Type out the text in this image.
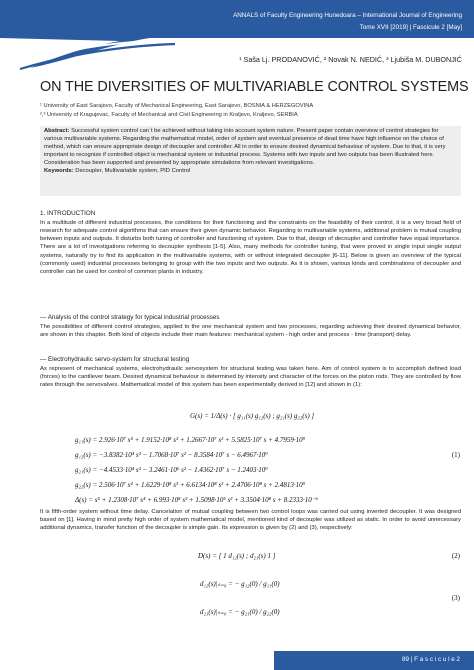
ANNALS of Faculty Engineering Hunedoara – International Journal of Engineering
Tome XVII [2019] | Fascicule 2 [May]
¹ Saša Lj. PRODANOVIĆ, ² Novak N. NEDIĆ, ³ Ljubiša M. DUBONJIĆ
ON THE DIVERSITIES OF MULTIVARIABLE CONTROL SYSTEMS
¹ University of East Sarajevo, Faculty of Mechanical Engineering, East Sarajevo, BOSNIA & HERZEGOVINA
²,³ University of Kragujevac, Faculty of Mechanical and Civil Engineering in Kraljevo, Kraljevo, SERBIA
Abstract: Successful system control can´t be achieved without taking into account system nature. Present paper contain overview of control strategies for various multivariable systems. Regarding the mathematical model, order of system and eventual presence of dead time have high influence on the choice of method, which can ensure appropriate design of decoupler and controller. All in order to ensure desired dynamical behaviour of system. Due to that, it is very important to recognize if controlled object is mechanical system or industrial process. Systems with two inputs and two outputs has been illustrated here. Consideration has been supported and presented by appropriate simulations from relevant investigations.
Keywords: Decoupler, Multivariable system, PID Control
1. INTRODUCTION
In a multitude of different industrial processes, the conditions for their functioning and the constraints on the feasibility of their control, it is a very broad field of research for adequate control algorithms that can ensure their given dynamic behavior. Regarding to multivariable systems, additional problem is mutual coupling between inputs and outputs. It disturbs both tuning of controller and functioning of system. Due to that, design of decoupler and controller have equal importance. There are a lot of investigations referring to decoupler synthesis [1-5]. Also, many methods for controller tuning, that were proved in single input single output systems, naturally try to find its application in the multivariable systems, with or without integrated decoupler [6-11]. Below is given an overview of the typical (commonly used) industrial processes belonging to group with the two inputs and two outputs. As it is shown, various kinds and combinations of decoupler and controller can be used for control of common plants in industry.
— Analysis of the control strategy for typical industrial processes
The possibilities of different control strategies, applied to the one mechanical system and two processes, regarding achieving their desired dynamical behavior, are shown in this chapter. Both kind of objects include their main features: mechanical system - high order and process - time (transport) delay.
— Electrohydraulic servo-system for structural testing
As represent of mechanical systems, electrohydraulic servosystem for structural testing was taken here. Aim of control system is to accomplish defined load (forces) to the cantilever beam. Desired dynamical behaviour is determined by intensity and character of the forces on the piston rods. They are controlled by flow rates through the servovalves. Mathematical model of this system has been experimentally derived in [12] and shown in (1):
G(s) = 1/Δ(s) · [ g₁₁(s) g₁₂(s) ; g₂₁(s) g₂₂(s) ]
g₁₁(s) = 2.926·10⁷ s⁴ + 1.9152·10⁸ s³ + 1.2667·10⁷ s² + 5.5825·10⁷ s + 4.7959·10⁹
g₁₂(s) = −3.8382·10⁴ s³ − 1.7068·10⁷ s² − 8.3584·10⁷ s − 6.4967·10⁹	(1)
g₂₁(s) = −4.4533·10⁴ s³ − 3.2461·10⁶ s² − 1.4362·10⁷ s − 1.2403·10⁹
g₂₂(s) = 2.506·10⁷ s⁴ + 1.6229·10⁸ s³ + 6.6134·10⁸ s² + 2.4706·10⁸ s + 2.4813·10⁹
Δ(s) = s⁵ + 1.2308·10⁷ s⁴ + 6.993·10⁸ s³ + 1.5098·10⁵ s² + 3.3504·10⁸ s + 8.2333·10⁻⁶
It is fifth-order system without time delay. Cancelation of mutual coupling between two control loops was carried out using inverted decoupler. It was designed based on [1]. Having in mind pretty high order of system mathematical model, mentioned kind of decoupler was utilized as static. In order to avoid unnecessary additional dynamics, transfer function of the decoupler is simple gain. Its expression is given by (2) and (3), respectively:
D(s) = [ 1 d₁₂(s) ; d₂₁(s) 1 ]	(2)
d₁₂(s)|ₛ₌₀ = − g₁₂(0) / g₁₁(0)
(3)
d₂₁(s)|ₛ₌₀ = − g₂₁(0) / g₂₂(0)
89 | F a s c i c u l e 2
